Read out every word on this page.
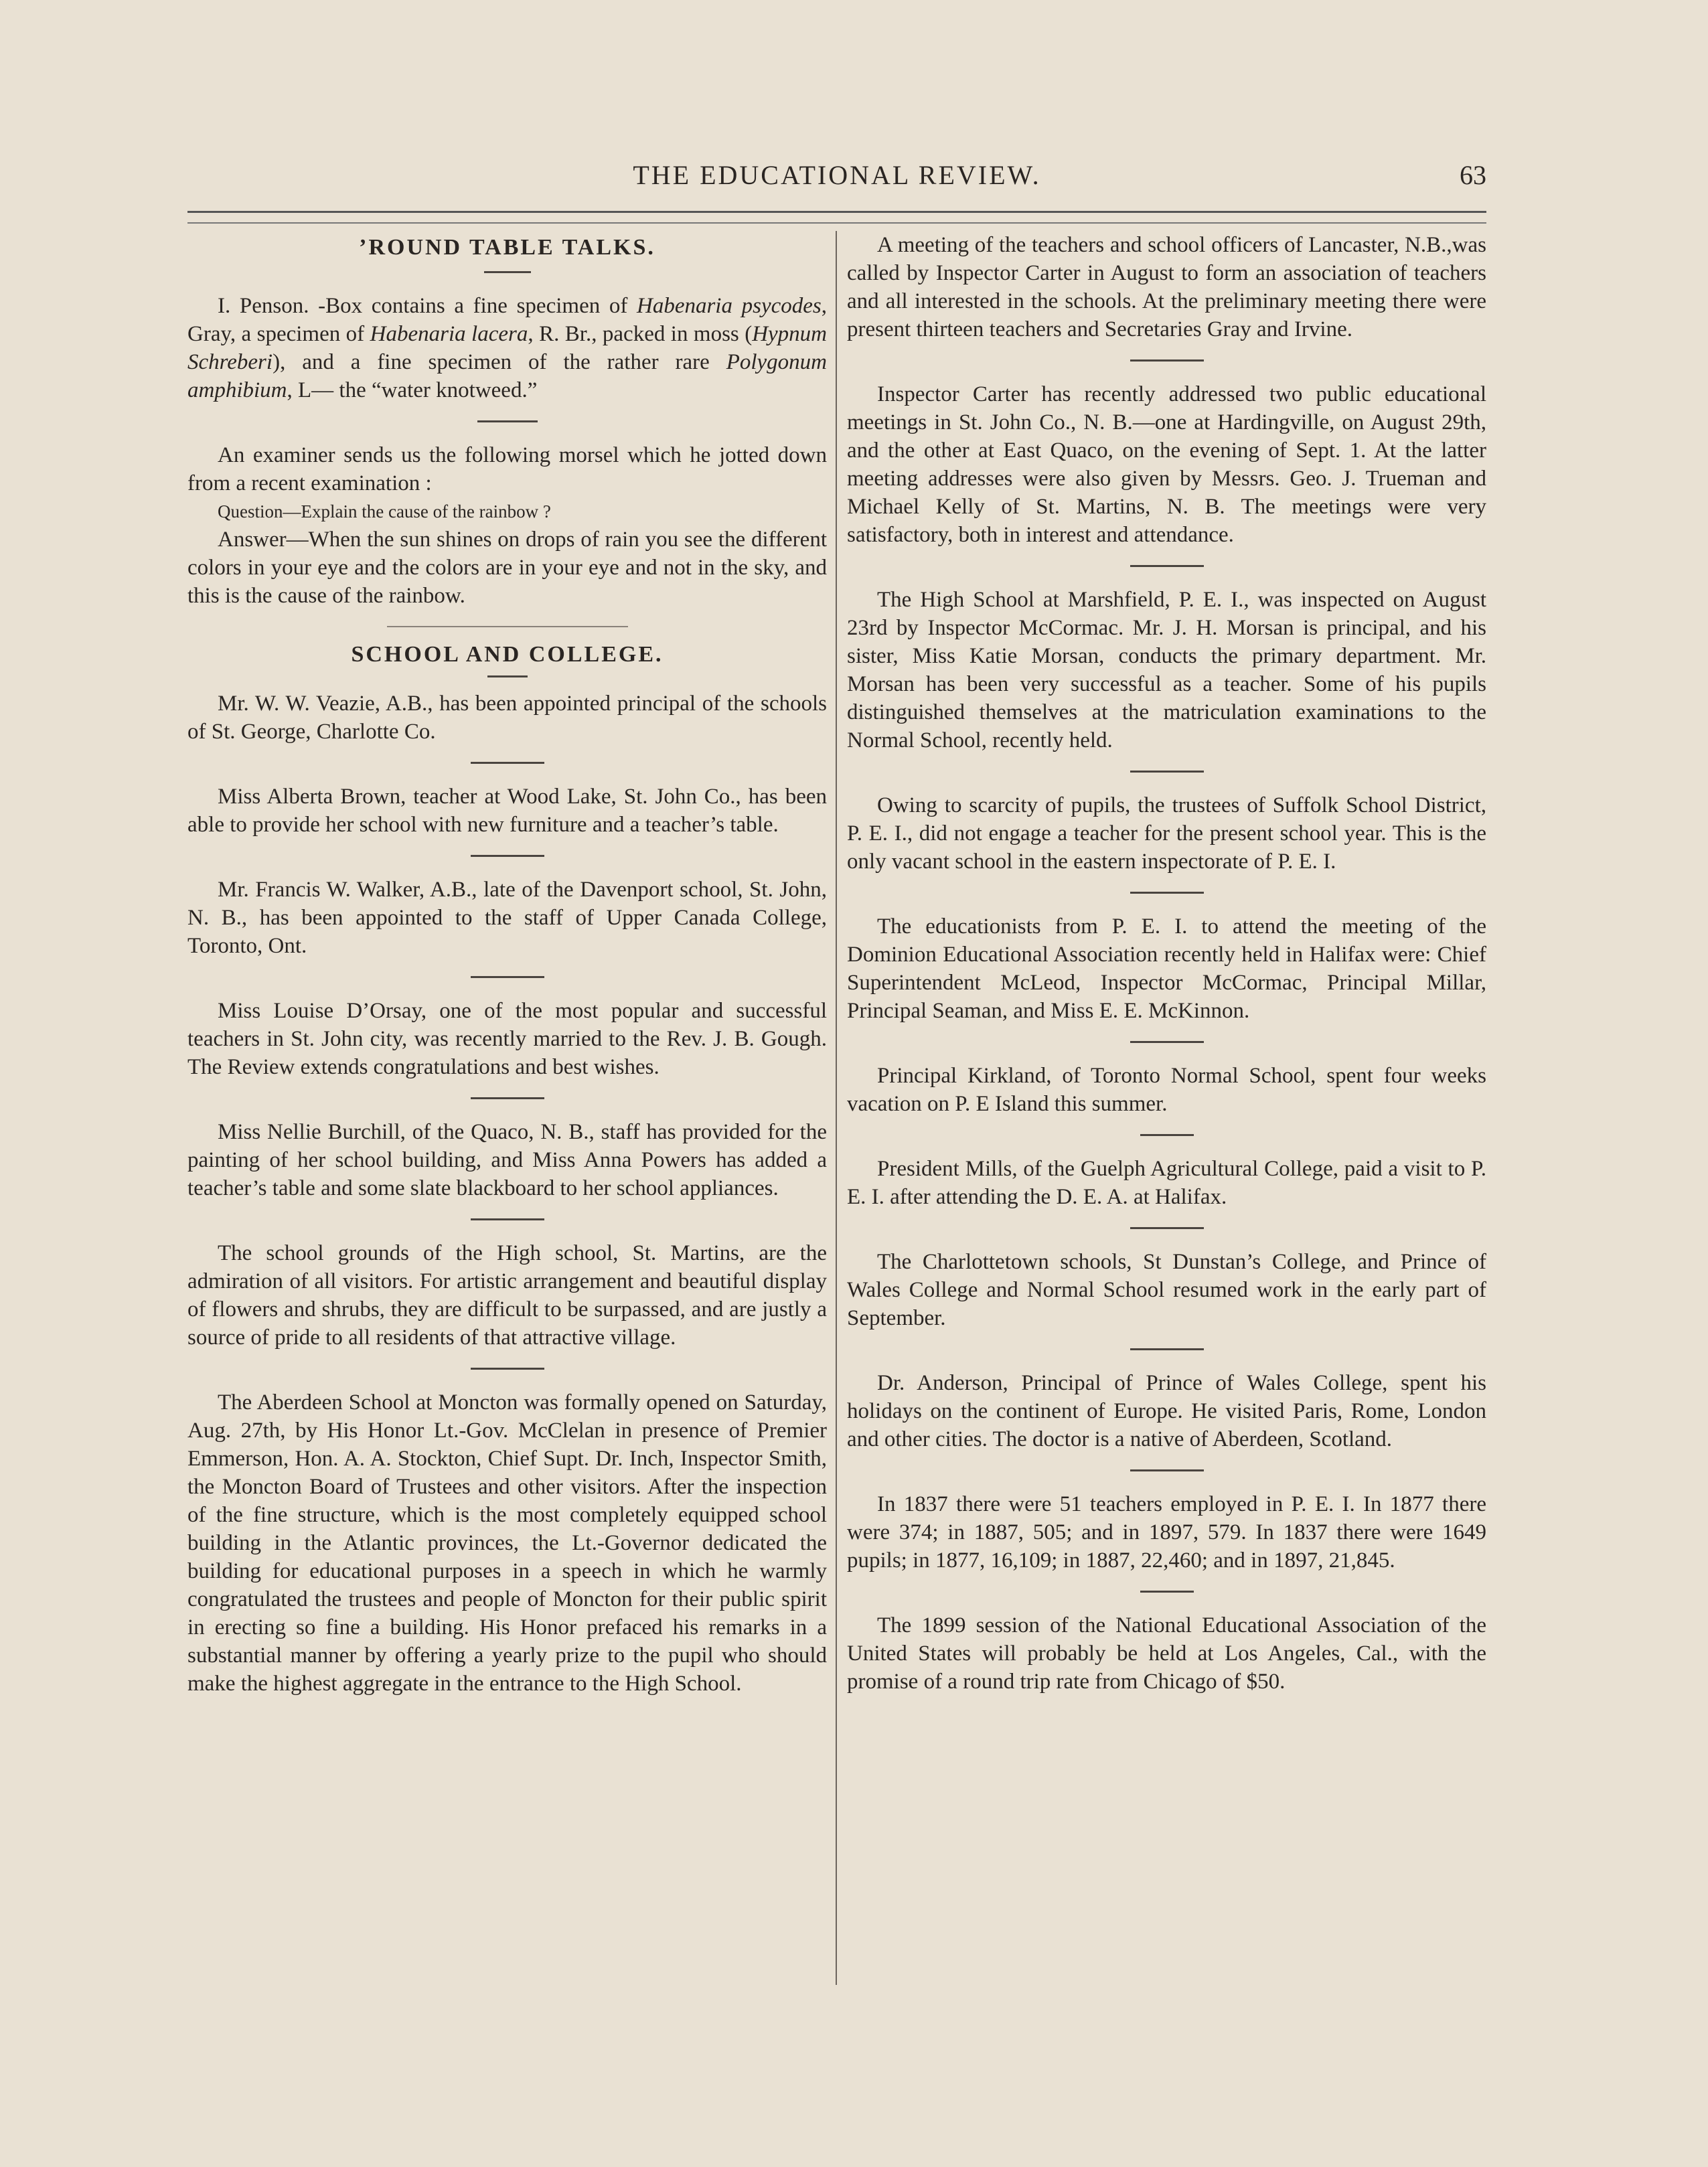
THE EDUCATIONAL REVIEW.	63
’ROUND TABLE TALKS.

I. Penson. -Box contains a fine specimen of Habenaria psycodes, Gray, a specimen of Habenaria lacera, R. Br., packed in moss (Hypnum Schreberi), and a fine specimen of the rather rare Polygonum amphibium, L— the “water knotweed.”

An examiner sends us the following morsel which he jotted down from a recent examination :

Question—Explain the cause of the rainbow ?

Answer—When the sun shines on drops of rain you see the different colors in your eye and the colors are in your eye and not in the sky, and this is the cause of the rainbow.

SCHOOL AND COLLEGE.

Mr. W. W. Veazie, A.B., has been appointed principal of the schools of St. George, Charlotte Co.

Miss Alberta Brown, teacher at Wood Lake, St. John Co., has been able to provide her school with new furniture and a teacher’s table.

Mr. Francis W. Walker, A.B., late of the Davenport school, St. John, N. B., has been appointed to the staff of Upper Canada College, Toronto, Ont.

Miss Louise D’Orsay, one of the most popular and successful teachers in St. John city, was recently married to the Rev. J. B. Gough. The Review extends congratulations and best wishes.

Miss Nellie Burchill, of the Quaco, N. B., staff has provided for the painting of her school building, and Miss Anna Powers has added a teacher’s table and some slate blackboard to her school appliances.

The school grounds of the High school, St. Martins, are the admiration of all visitors. For artistic arrangement and beautiful display of flowers and shrubs, they are difficult to be surpassed, and are justly a source of pride to all residents of that attractive village.

The Aberdeen School at Moncton was formally opened on Saturday, Aug. 27th, by His Honor Lt.-Gov. McClelan in presence of Premier Emmerson, Hon. A. A. Stockton, Chief Supt. Dr. Inch, Inspector Smith, the Moncton Board of Trustees and other visitors. After the inspection of the fine structure, which is the most completely equipped school building in the Atlantic provinces, the Lt.-Governor dedicated the building for educational purposes in a speech in which he warmly congratulated the trustees and people of Moncton for their public spirit in erecting so fine a building. His Honor prefaced his remarks in a substantial manner by offering a yearly prize to the pupil who should make the highest aggregate in the entrance to the High School.

A meeting of the teachers and school officers of Lancaster, N.B.,was called by Inspector Carter in August to form an association of teachers and all interested in the schools. At the preliminary meeting there were present thirteen teachers and Secretaries Gray and Irvine.

Inspector Carter has recently addressed two public educational meetings in St. John Co., N. B.—one at Hardingville, on August 29th, and the other at East Quaco, on the evening of Sept. 1. At the latter meeting addresses were also given by Messrs. Geo. J. Trueman and Michael Kelly of St. Martins, N. B. The meetings were very satisfactory, both in interest and attendance.

The High School at Marshfield, P. E. I., was inspected on August 23rd by Inspector McCormac. Mr. J. H. Morsan is principal, and his sister, Miss Katie Morsan, conducts the primary department. Mr. Morsan has been very successful as a teacher. Some of his pupils distinguished themselves at the matriculation examinations to the Normal School, recently held.

Owing to scarcity of pupils, the trustees of Suffolk School District, P. E. I., did not engage a teacher for the present school year. This is the only vacant school in the eastern inspectorate of P. E. I.

The educationists from P. E. I. to attend the meeting of the Dominion Educational Association recently held in Halifax were: Chief Superintendent McLeod, Inspector McCormac, Principal Millar, Principal Seaman, and Miss E. E. McKinnon.

Principal Kirkland, of Toronto Normal School, spent four weeks vacation on P. E Island this summer.

President Mills, of the Guelph Agricultural College, paid a visit to P. E. I. after attending the D. E. A. at Halifax.

The Charlottetown schools, St Dunstan’s College, and Prince of Wales College and Normal School resumed work in the early part of September.

Dr. Anderson, Principal of Prince of Wales College, spent his holidays on the continent of Europe. He visited Paris, Rome, London and other cities. The doctor is a native of Aberdeen, Scotland.

In 1837 there were 51 teachers employed in P. E. I. In 1877 there were 374; in 1887, 505; and in 1897, 579. In 1837 there were 1649 pupils; in 1877, 16,109; in 1887, 22,460; and in 1897, 21,845.

The 1899 session of the National Educational Association of the United States will probably be held at Los Angeles, Cal., with the promise of a round trip rate from Chicago of $50.
